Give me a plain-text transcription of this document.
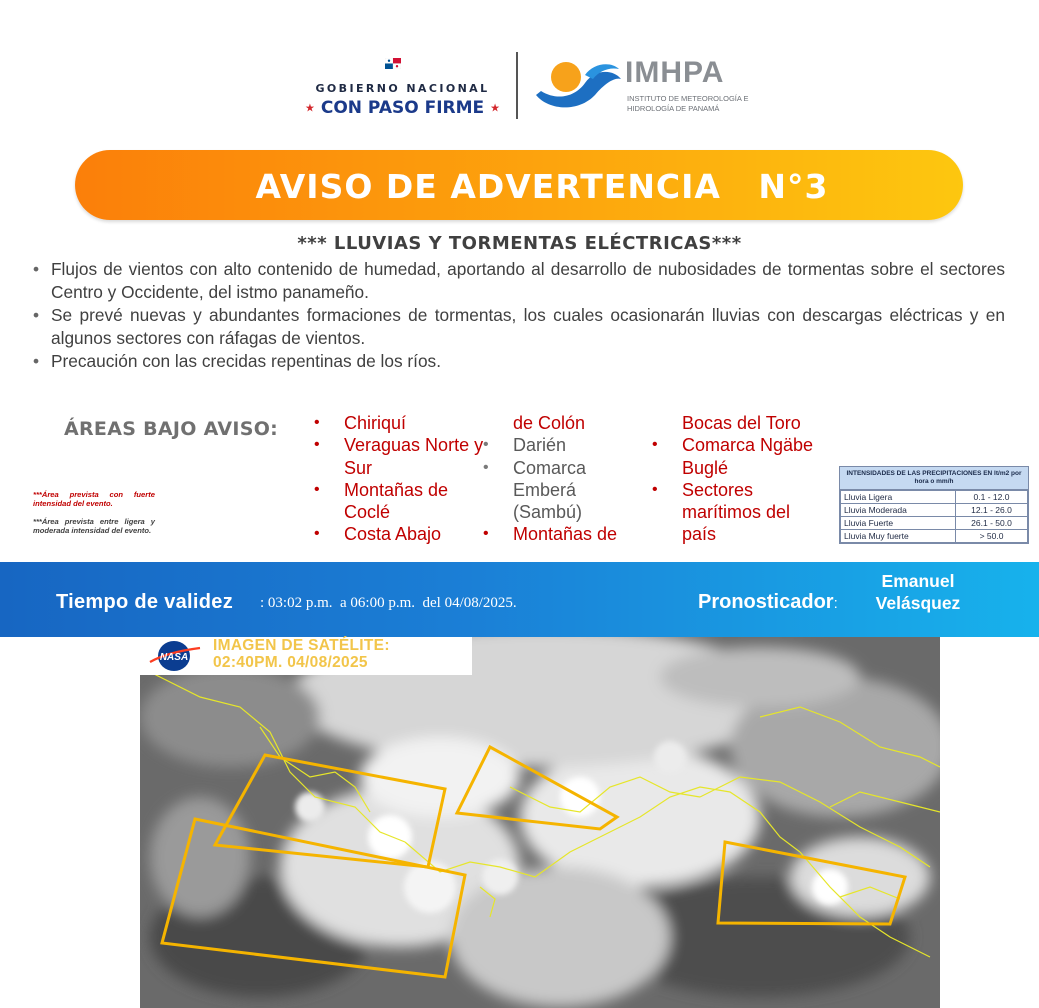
GOBIERNO NACIONAL
★ CON PASO FIRME ★
IMHPA
INSTITUTO DE METEOROLOGÍA E HIDROLOGÍA DE PANAMÁ
AVISO DE ADVERTENCIA   N°3
*** LLUVIAS Y TORMENTAS ELÉCTRICAS***
• Flujos de vientos con alto contenido de humedad, aportando al desarrollo de nubosidades de tormentas sobre el sectores Centro y Occidente, del istmo panameño.
• Se prevé nuevas y abundantes formaciones de tormentas, los cuales ocasionarán lluvias con descargas eléctricas y en algunos sectores con ráfagas de vientos.
• Precaución con las crecidas repentinas de los ríos.
ÁREAS BAJO AVISO: • Chiriquí
• Veraguas Norte y Sur
• Montañas de Coclé
• Costa Abajo
de Colón
• Darién
• Comarca Emberá (Sambú)
• Montañas de
Bocas del Toro
• Comarca Ngäbe Buglé
• Sectores marítimos del país
***Área prevista con fuerte intensidad del evento.
***Área prevista entre ligera y moderada intensidad del evento.
INTENSIDADES DE LAS PRECIPITACIONES EN lt/m2 por hora o mm/h
Lluvia Ligera	0.1 - 12.0
Lluvia Moderada	12.1 - 26.0
Lluvia Fuerte	26.1 - 50.0
Lluvia Muy fuerte	> 50.0
Tiempo de validez : 03:02 p.m.  a 06:00 p.m.  del 04/08/2025.	Pronosticador:
Emanuel
Velásquez
NASA
IMAGEN DE SATÉLITE:
02:40PM. 04/08/2025
